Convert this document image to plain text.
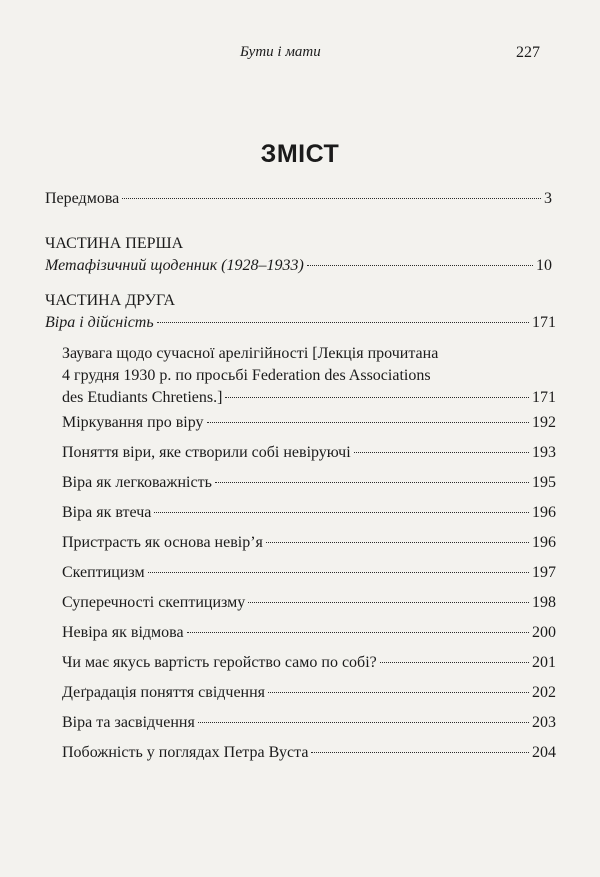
Бути і мати	227
ЗМІСТ
Передмова	3
ЧАСТИНА ПЕРША
Метафізичний щоденник (1928–1933)	10
ЧАСТИНА ДРУГА
Віра і дійсність	171
Заувага щодо сучасної арелігійності [Лекція прочитана
4 грудня 1930 р. по просьбі Federation des Associations
des Etudiants Chretiens.]	171
Міркування про віру	192
Поняття віри, яке створили собі невіруючі	193
Віра як легковажність	195
Віра як втеча	196
Пристрасть як основа невір’я	196
Скептицизм	197
Суперечності скептицизму	198
Невіра як відмова	200
Чи має якусь вартість геройство само по собі?	201
Деґрадація поняття свідчення	202
Віра та засвідчення	203
Побожність у поглядах Петра Вуста	204
